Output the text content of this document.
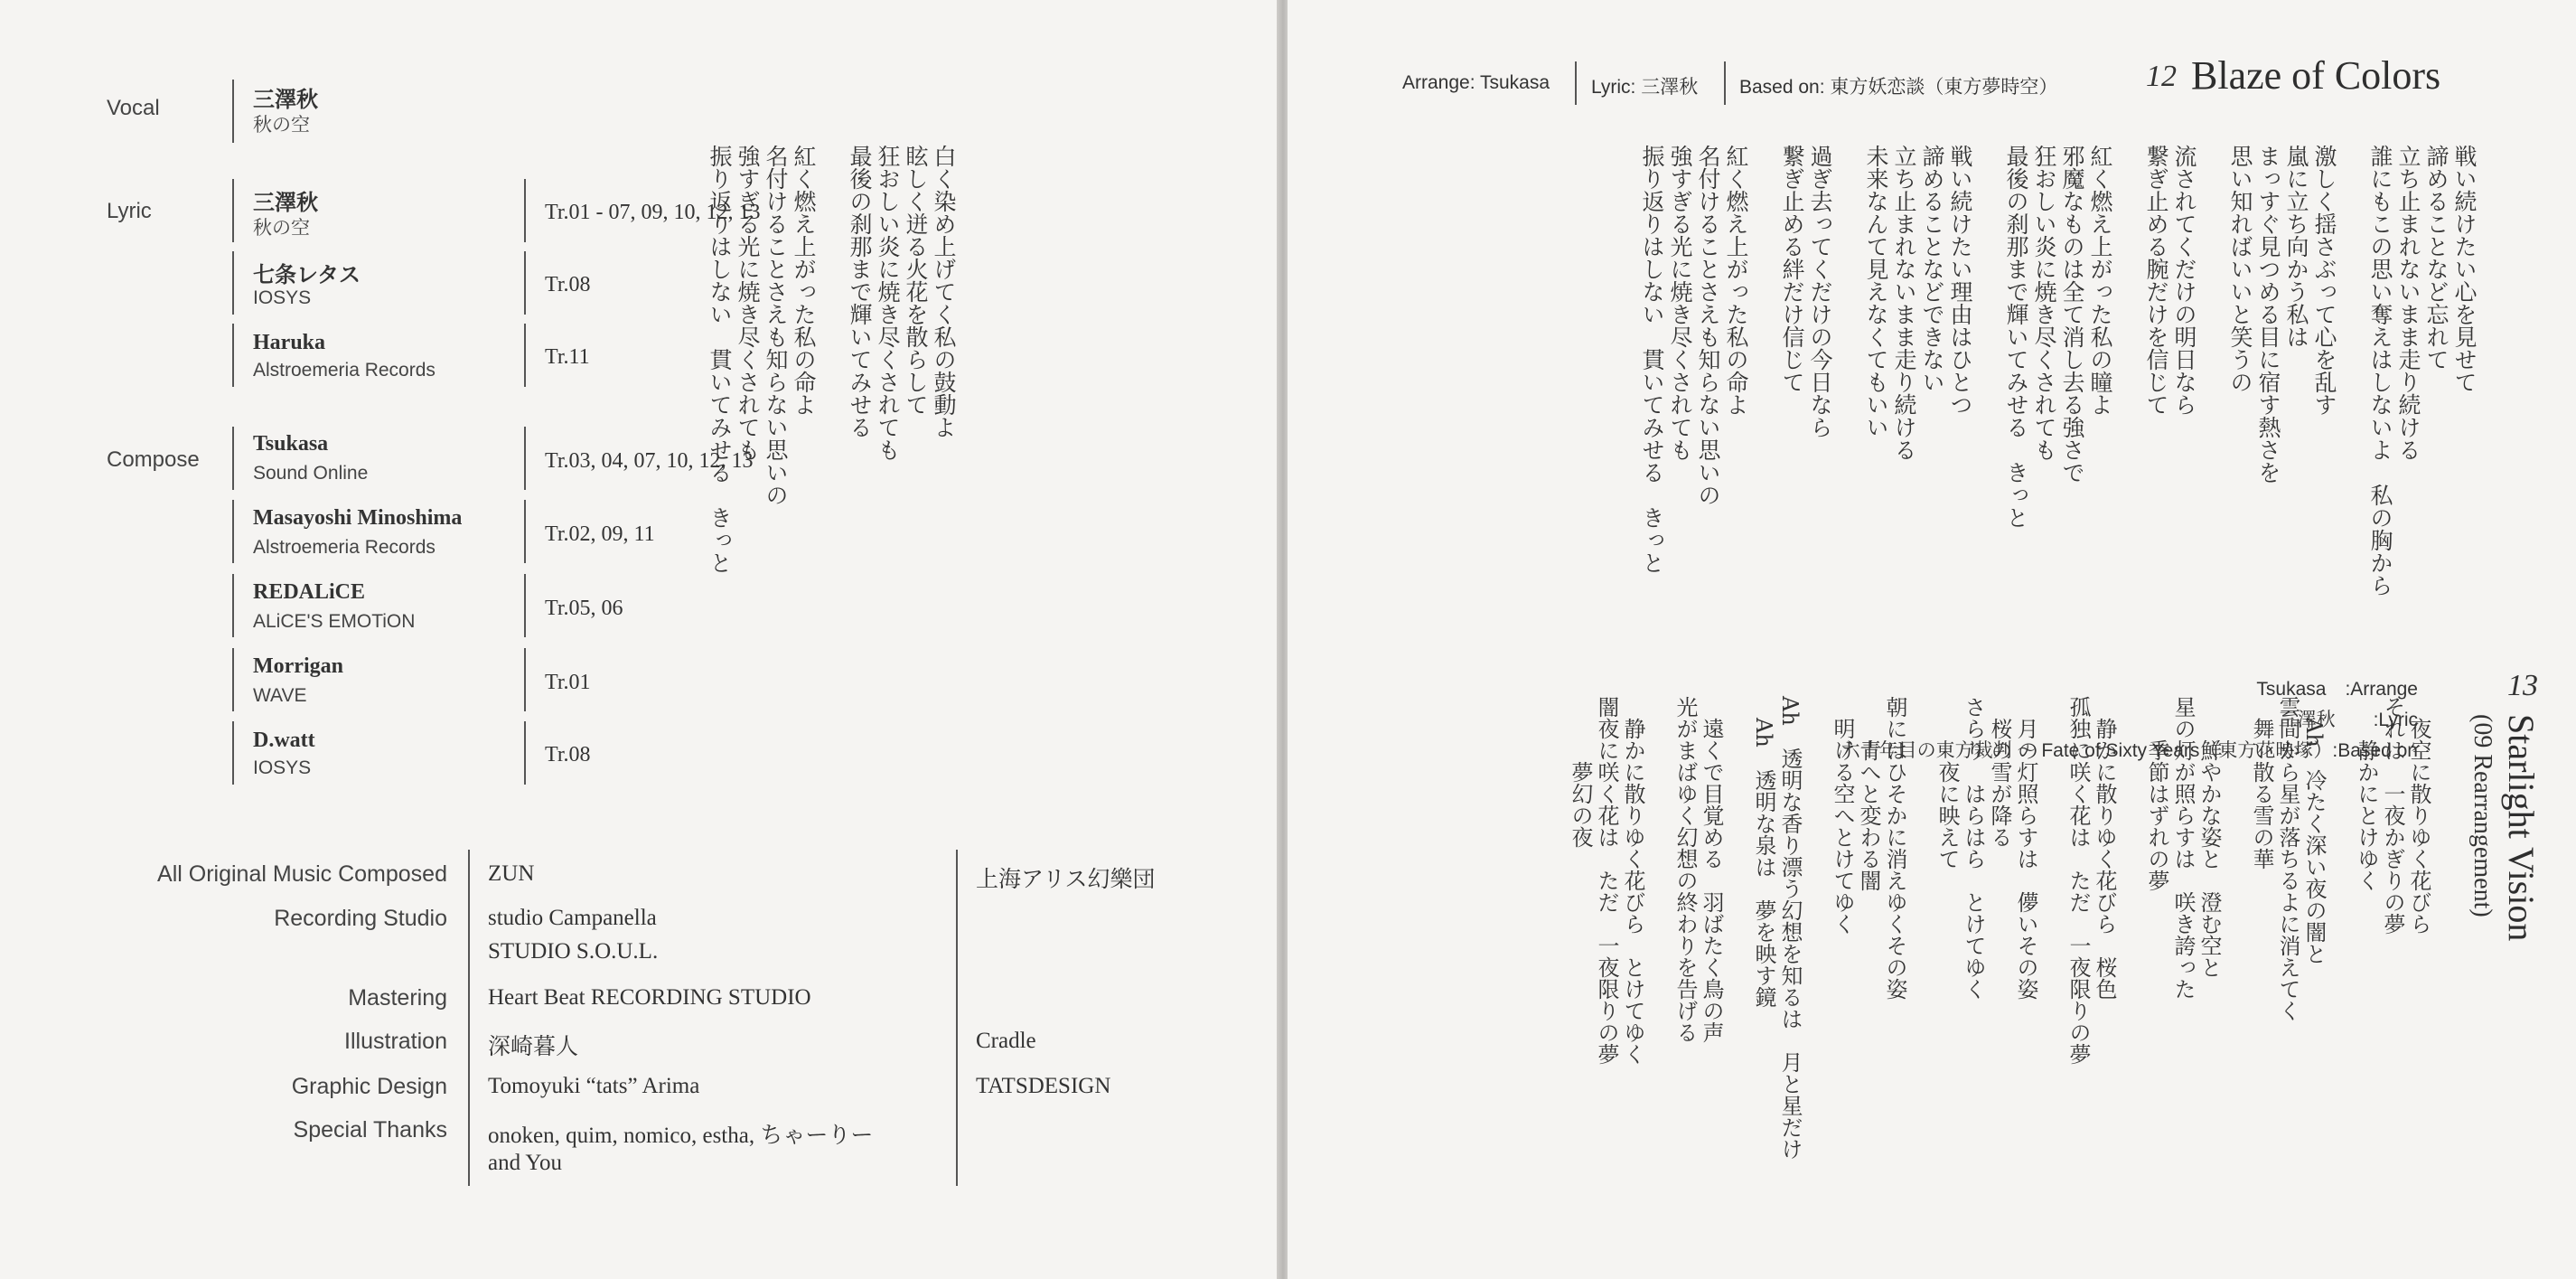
Vocal	三澤秋
秋の空
Lyric	三澤秋
秋の空
Tr.01 - 07, 09, 10, 12, 13
七条レタス
IOSYS
Tr.08
Haruka
Alstroemeria Records
Tr.11
Compose
Tsukasa
Sound Online
Tr.03, 04, 07, 10, 12, 13
Masayoshi Minoshima
Alstroemeria Records
Tr.02, 09, 11
REDALiCE
ALiCE'S EMOTiON
Tr.05, 06
Morrigan
WAVE
Tr.01
D.watt
IOSYS
Tr.08
All Original Music Composed ZUN	上海アリス幻樂団
Recording Studio studio Campanella
STUDIO S.O.U.L.
Mastering Heart Beat RECORDING STUDIO
Illustration 深崎暮人	Cradle
Graphic Design Tomoyuki “tats” Arima	TATSDESIGN
Special Thanks onoken, quim, nomico, estha, ちゃーりー
and You
白く染め上げてく私の鼓動よ
眩しく迸る火花を散らして
狂おしい炎に焼き尽くされても
最後の刹那まで輝いてみせる

紅く燃え上がった私の命よ
名付けることさえも知らない思いの
強すぎる光に焼き尽くされても
振り返りはしない　貫いてみせる　きっと
Arrange: Tsukasa Lyric: 三澤秋 Based on: 東方妖恋談（東方夢時空）	12 Blaze of Colors
戦い続けたい心を見せて
諦めることなど忘れて
立ち止まれないまま走り続ける
誰にもこの思い奪えはしないよ　私の胸から

激しく揺さぶって心を乱す
嵐に立ち向かう私は
まっすぐ見つめる目に宿す熱さを
思い知ればいいと笑うの

流されてくだけの明日なら
繋ぎ止める腕だけを信じて

紅く燃え上がった私の瞳よ
邪魔なものは全て消し去る強さで
狂おしい炎に焼き尽くされても
最後の刹那まで輝いてみせる　きっと

戦い続けたい理由はひとつ
諦めることなどできない
立ち止まれないまま走り続ける
未来なんて見えなくてもいい

過ぎ去ってくだけの今日なら
繋ぎ止める絆だけ信じて

紅く燃え上がった私の命よ
名付けることさえも知らない思いの
強すぎる光に焼き尽くされても
振り返りはしない　貫いてみせる　きっと
Tsukasa　:Arrange
三澤秋　　:Lyric
六十年目の東方裁判 ～ Fate of Sixty Years（東方花映塚）:Based on
13
Starlight Vision
(09 Rearrangement)
　夜空に散りゆく花びら
それは　一夜かぎりの夢
　　静かにとけゆく

　Ah　冷たく深い夜の闇と
雲間から星が落ちるよに消えてく
　舞い散る雪の華

　　鮮やかな姿と　澄む空と
星の灯が照らすは　咲き誇った
　　季節はずれの夢

　静かに散りゆく花びら　桜色
孤独に咲く花は　ただ　一夜限りの夢

　月の灯照らすは　儚いその姿
　桜の雪が降る
さらり　はらはら　とけてゆく
　　　夜に映えて

朝にはひそかに消えゆくその姿
　　青へと変わる闇
　明ける空へとけてゆく

Ah　透明な香り漂う幻想を知るは　月と星だけ
　Ah　透明な泉は　夢を映す鏡

　遠くで目覚める　羽ばたく鳥の声
光がまばゆく幻想の終わりを告げる

　静かに散りゆく花びら　とけてゆく
闇夜に咲く花は　ただ　一夜限りの夢
　　　夢幻の夜
